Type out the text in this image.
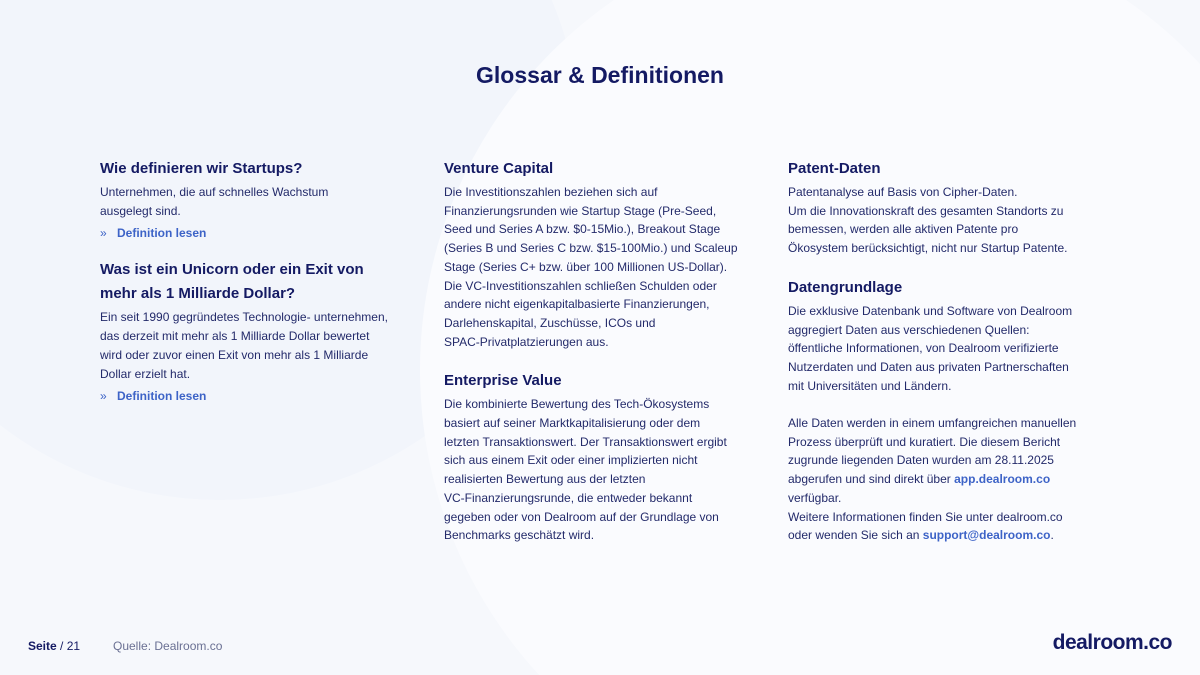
Glossar & Definitionen
Wie definieren wir Startups?
Unternehmen, die auf schnelles Wachstum
ausgelegt sind.
» Definition lesen
Was ist ein Unicorn oder ein Exit von
mehr als 1 Milliarde Dollar?
Ein seit 1990 gegründetes Technologie- unternehmen,
das derzeit mit mehr als 1 Milliarde Dollar bewertet
wird oder zuvor einen Exit von mehr als 1 Milliarde
Dollar erzielt hat.
» Definition lesen
Venture Capital
Die Investitionszahlen beziehen sich auf
Finanzierungsrunden wie Startup Stage (Pre-Seed,
Seed und Series A bzw. $0-15Mio.), Breakout Stage
(Series B und Series C bzw. $15-100Mio.) und Scaleup
Stage (Series C+ bzw. über 100 Millionen US-Dollar).
Die VC-Investitionszahlen schließen Schulden oder
andere nicht eigenkapitalbasierte Finanzierungen,
Darlehenskapital, Zuschüsse, ICOs und
SPAC-Privatplatzierungen aus.
Enterprise Value
Die kombinierte Bewertung des Tech-Ökosystems
basiert auf seiner Marktkapitalisierung oder dem
letzten Transaktionswert. Der Transaktionswert ergibt
sich aus einem Exit oder einer implizierten nicht
realisierten Bewertung aus der letzten
VC-Finanzierungsrunde, die entweder bekannt
gegeben oder von Dealroom auf der Grundlage von
Benchmarks geschätzt wird.
Patent-Daten
Patentanalyse auf Basis von Cipher-Daten.
Um die Innovationskraft des gesamten Standorts zu
bemessen, werden alle aktiven Patente pro
Ökosystem berücksichtigt, nicht nur Startup Patente.
Datengrundlage
Die exklusive Datenbank und Software von Dealroom
aggregiert Daten aus verschiedenen Quellen:
öffentliche Informationen, von Dealroom verifizierte
Nutzerdaten und Daten aus privaten Partnerschaften
mit Universitäten und Ländern.
Alle Daten werden in einem umfangreichen manuellen
Prozess überprüft und kuratiert. Die diesem Bericht
zugrunde liegenden Daten wurden am 28.11.2025
abgerufen und sind direkt über app.dealroom.co
verfügbar.
Weitere Informationen finden Sie unter dealroom.co
oder wenden Sie sich an support@dealroom.co.
Seite / 21	Quelle: Dealroom.co	dealroom.co
